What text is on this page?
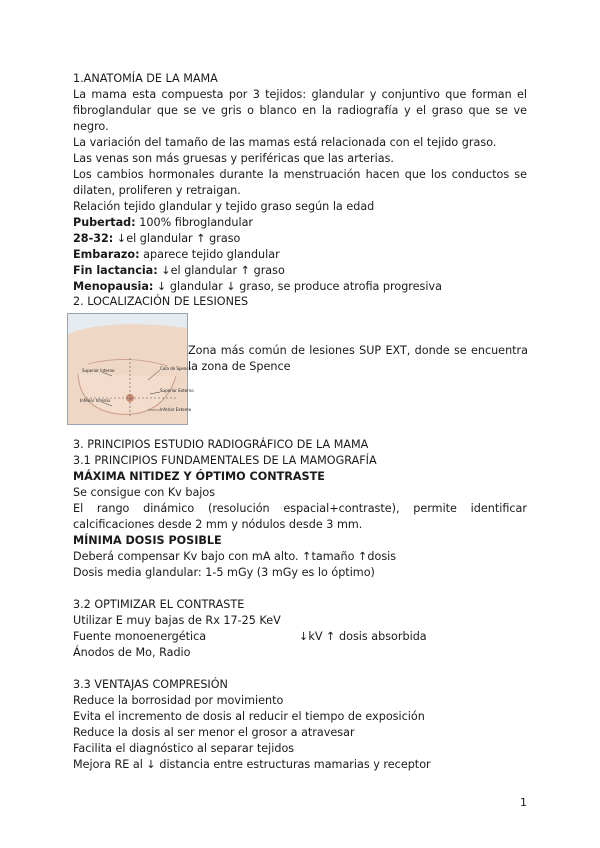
1.ANATOMÍA DE LA MAMA
La mama esta compuesta por 3 tejidos: glandular y conjuntivo que forman el fibroglandular que se ve gris o blanco en la radiografía y el graso que se ve negro.
La variación del tamaño de las mamas está relacionada con el tejido graso.
Las venas son más gruesas y periféricas que las arterias.
Los cambios hormonales durante la menstruación hacen que los conductos se dilaten, proliferen y retraigan.
Relación tejido glandular y tejido graso según la edad
Pubertad: 100% fibroglandular
28-32: ↓el glandular ↑ graso
Embarazo: aparece tejido glandular
Fin lactancia: ↓el glandular ↑ graso
Menopausia: ↓ glandular ↓ graso, se produce atrofia progresiva
2. LOCALIZACIÓN DE LESIONES
Superior Interno	Cola de Spence
Superior Externo
Inferior Interno
Inferior Externo
Zona más común de lesiones SUP EXT, donde se encuentra la zona de Spence
3. PRINCIPIOS ESTUDIO RADIOGRÁFICO DE LA MAMA
3.1 PRINCIPIOS FUNDAMENTALES DE LA MAMOGRAFÍA
MÁXIMA NITIDEZ Y ÓPTIMO CONTRASTE
Se consigue con Kv bajos
El rango dinámico (resolución espacial+contraste), permite identificar calcificaciones desde 2 mm y nódulos desde 3 mm.
MÍNIMA DOSIS POSIBLE
Deberá compensar Kv bajo con mA alto. ↑tamaño ↑dosis
Dosis media glandular: 1-5 mGy (3 mGy es lo óptimo)
3.2 OPTIMIZAR EL CONTRASTE
Utilizar E muy bajas de Rx 17-25 KeV
Fuente monoenergética	↓kV ↑ dosis absorbida
Ánodos de Mo, Radio
3.3 VENTAJAS COMPRESIÓN
Reduce la borrosidad por movimiento
Evita el incremento de dosis al reducir el tiempo de exposición
Reduce la dosis al ser menor el grosor a atravesar
Facilita el diagnóstico al separar tejidos
Mejora RE al ↓ distancia entre estructuras mamarias y receptor
1
